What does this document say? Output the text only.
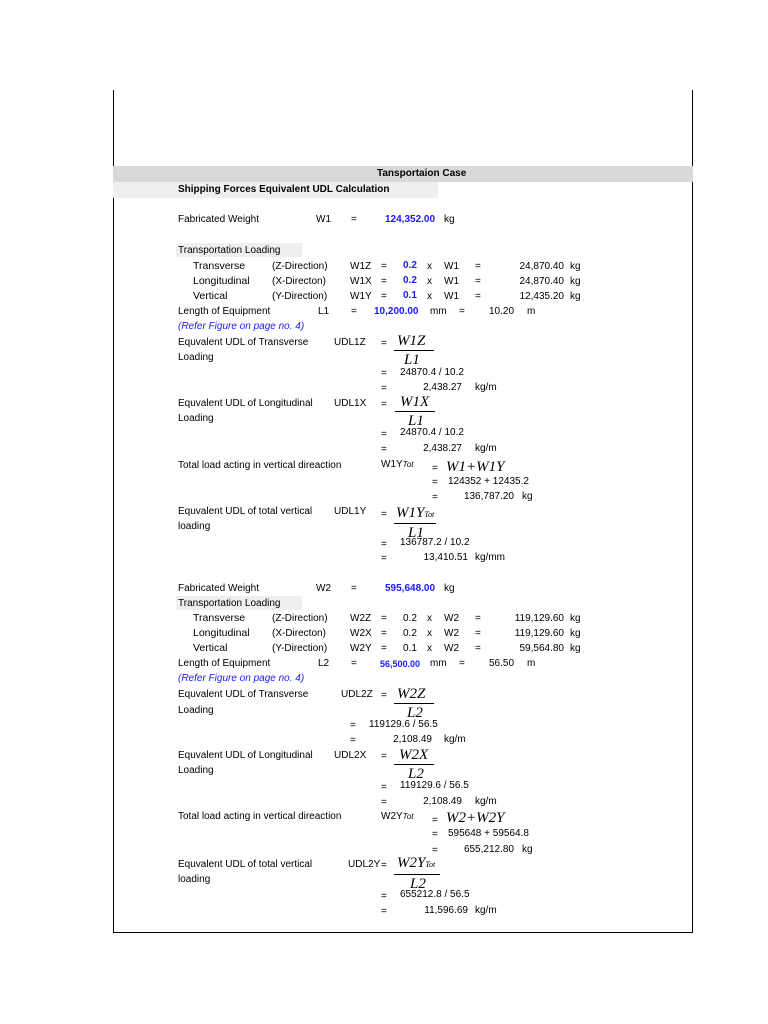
Tansportaion Case
Shipping Forces Equivalent UDL Calculation
Fabricated Weight	W1 =	124,352.00 kg
Transportation Loading
Transverse	(Z-Direction) W1Z = 0.2 x W1 =	24,870.40 kg
Longitudinal (X-Directon) W1X = 0.2 x W1 =	24,870.40 kg
Vertical	(Y-Direction) W1Y = 0.1 x W1 =	12,435.20 kg
Length of Equipment	L1 = 10,200.00 mm = 10.20 m
(Refer Figure on page no. 4)
Equvalent UDL of Transverse
Loading
UDL1Z = W1Z
L1
= 24870.4 / 10.2
=	2,438.27 kg/m
Equvalent UDL of Longitudinal
Loading
UDL1X = W1X
L1
= 24870.4 / 10.2
=	2,438.27 kg/m
Total load acting in vertical direaction	W1YTot = W1+W1Y
= 124352 + 12435.2
=	136,787.20 kg
Equvalent UDL of total vertical
loading
UDL1Y = W1YTot
L1
= 136787.2 / 10.2
=	13,410.51 kg/mm
Fabricated Weight	W2 =	595,648.00 kg
Transportation Loading
Transverse	(Z-Direction) W2Z = 0.2 x W2 =	119,129.60 kg
Longitudinal (X-Directon) W2X = 0.2 x W2 =	119,129.60 kg
Vertical	(Y-Direction) W2Y = 0.1 x W2 =	59,564.80 kg
Length of Equipment	L2 =	56,500.00 mm = 56.50 m
(Refer Figure on page no. 4)
Equvalent UDL of Transverse
Loading
UDL2Z = W2Z
L2
= 119129.6 / 56.5
=	2,108.49 kg/m
Equvalent UDL of Longitudinal
Loading
UDL2X = W2X
L2
= 119129.6 / 56.5
=	2,108.49 kg/m
Total load acting in vertical direaction	W2YTot = W2+W2Y
= 595648 + 59564.8
=	655,212.80 kg
Equvalent UDL of total vertical
loading
UDL2Y = W2YTot
L2
= 655212.8 / 56.5
=	11,596.69 kg/m
